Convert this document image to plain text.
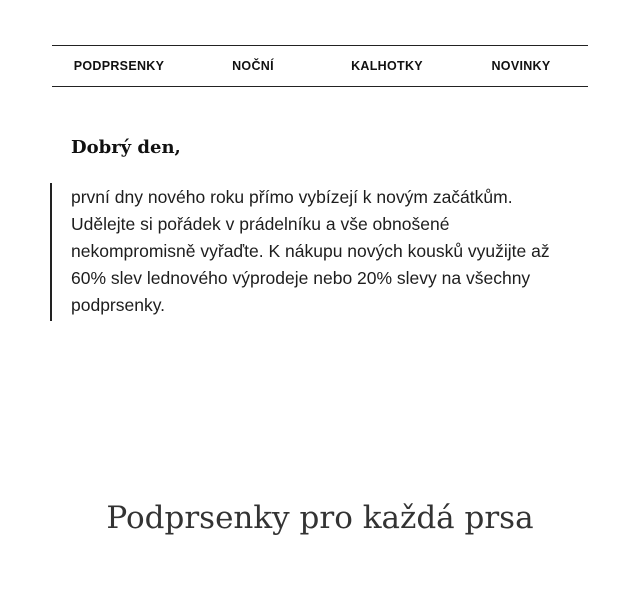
PODPRSENKY	NOČNÍ	KALHOTKY	NOVINKY
Dobrý den,

první dny nového roku přímo vybízejí k novým začátkům. Udělejte si pořádek v prádelníku a vše obnošené nekompromisně vyřaďte. K nákupu nových kousků využijte až 60% slev lednového výprodeje nebo 20% slevy na všechny podprsenky.

Podprsenky pro každá prsa
